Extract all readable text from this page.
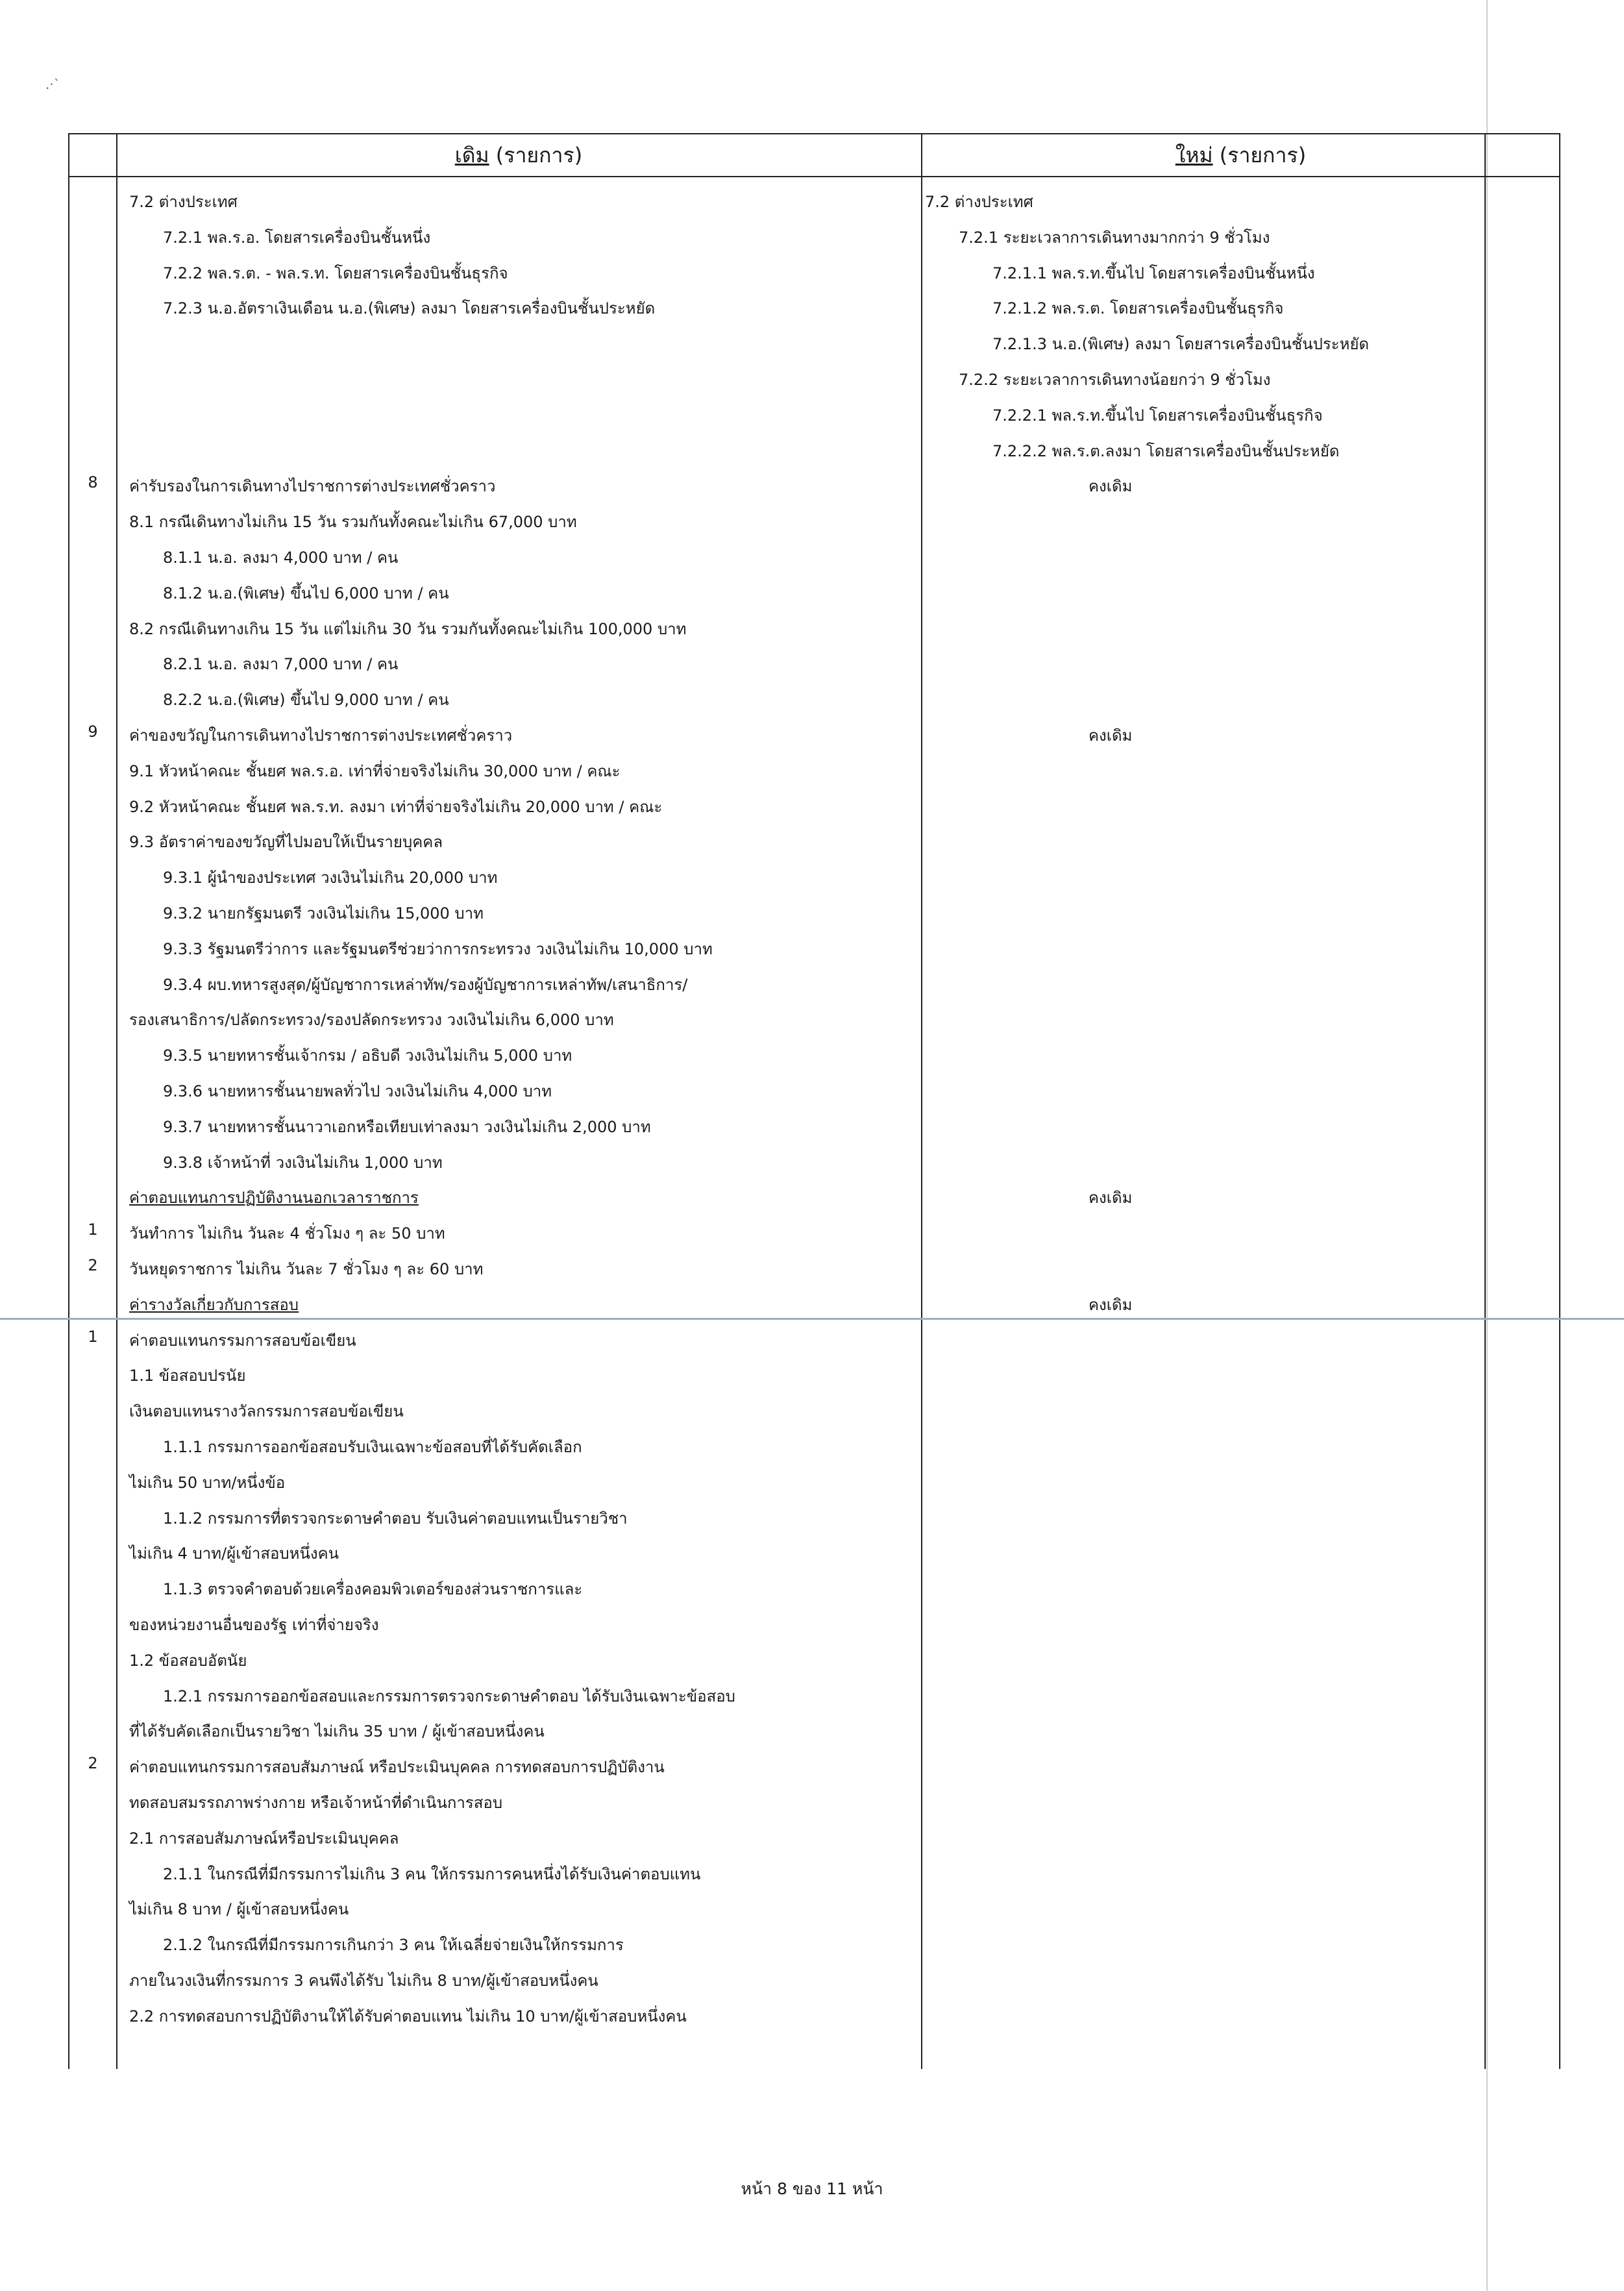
.·`
เดิม (รายการ)	ใหม่ (รายการ)
7.2 ต่างประเทศ	7.2 ต่างประเทศ
7.2.1 พล.ร.อ. โดยสารเครื่องบินชั้นหนึ่ง	7.2.1 ระยะเวลาการเดินทางมากกว่า 9 ชั่วโมง
7.2.2 พล.ร.ต. - พล.ร.ท. โดยสารเครื่องบินชั้นธุรกิจ	7.2.1.1 พล.ร.ท.ขึ้นไป โดยสารเครื่องบินชั้นหนึ่ง
7.2.3 น.อ.อัตราเงินเดือน น.อ.(พิเศษ) ลงมา โดยสารเครื่องบินชั้นประหยัด	7.2.1.2 พล.ร.ต. โดยสารเครื่องบินชั้นธุรกิจ
7.2.1.3 น.อ.(พิเศษ) ลงมา โดยสารเครื่องบินชั้นประหยัด
7.2.2 ระยะเวลาการเดินทางน้อยกว่า 9 ชั่วโมง
7.2.2.1 พล.ร.ท.ขึ้นไป โดยสารเครื่องบินชั้นธุรกิจ
7.2.2.2 พล.ร.ต.ลงมา โดยสารเครื่องบินชั้นประหยัด
8	ค่ารับรองในการเดินทางไปราชการต่างประเทศชั่วคราว	คงเดิม
8.1 กรณีเดินทางไม่เกิน 15 วัน รวมกันทั้งคณะไม่เกิน 67,000 บาท
8.1.1 น.อ. ลงมา 4,000 บาท / คน
8.1.2 น.อ.(พิเศษ) ขึ้นไป 6,000 บาท / คน
8.2 กรณีเดินทางเกิน 15 วัน แต่ไม่เกิน 30 วัน รวมกันทั้งคณะไม่เกิน 100,000 บาท
8.2.1 น.อ. ลงมา 7,000 บาท / คน
8.2.2 น.อ.(พิเศษ) ขึ้นไป 9,000 บาท / คน
9	ค่าของขวัญในการเดินทางไปราชการต่างประเทศชั่วคราว	คงเดิม
9.1 หัวหน้าคณะ ชั้นยศ พล.ร.อ. เท่าที่จ่ายจริงไม่เกิน 30,000 บาท / คณะ
9.2 หัวหน้าคณะ ชั้นยศ พล.ร.ท. ลงมา เท่าที่จ่ายจริงไม่เกิน 20,000 บาท / คณะ
9.3 อัตราค่าของขวัญที่ไปมอบให้เป็นรายบุคคล
9.3.1 ผู้นำของประเทศ วงเงินไม่เกิน 20,000 บาท
9.3.2 นายกรัฐมนตรี วงเงินไม่เกิน 15,000 บาท
9.3.3 รัฐมนตรีว่าการ และรัฐมนตรีช่วยว่าการกระทรวง วงเงินไม่เกิน 10,000 บาท
9.3.4 ผบ.ทหารสูงสุด/ผู้บัญชาการเหล่าทัพ/รองผู้บัญชาการเหล่าทัพ/เสนาธิการ/
รองเสนาธิการ/ปลัดกระทรวง/รองปลัดกระทรวง วงเงินไม่เกิน 6,000 บาท
9.3.5 นายทหารชั้นเจ้ากรม / อธิบดี วงเงินไม่เกิน 5,000 บาท
9.3.6 นายทหารชั้นนายพลทั่วไป วงเงินไม่เกิน 4,000 บาท
9.3.7 นายทหารชั้นนาวาเอกหรือเทียบเท่าลงมา วงเงินไม่เกิน 2,000 บาท
9.3.8 เจ้าหน้าที่ วงเงินไม่เกิน 1,000 บาท
ค่าตอบแทนการปฏิบัติงานนอกเวลาราชการ	คงเดิม
1	วันทำการ ไม่เกิน วันละ 4 ชั่วโมง ๆ ละ 50 บาท
2	วันหยุดราชการ ไม่เกิน วันละ 7 ชั่วโมง ๆ ละ 60 บาท
ค่ารางวัลเกี่ยวกับการสอบ	คงเดิม
1	ค่าตอบแทนกรรมการสอบข้อเขียน
1.1 ข้อสอบปรนัย
เงินตอบแทนรางวัลกรรมการสอบข้อเขียน
1.1.1 กรรมการออกข้อสอบรับเงินเฉพาะข้อสอบที่ได้รับคัดเลือก
ไม่เกิน 50 บาท/หนึ่งข้อ
1.1.2 กรรมการที่ตรวจกระดาษคำตอบ รับเงินค่าตอบแทนเป็นรายวิชา
ไม่เกิน 4 บาท/ผู้เข้าสอบหนึ่งคน
1.1.3 ตรวจคำตอบด้วยเครื่องคอมพิวเตอร์ของส่วนราชการและ
ของหน่วยงานอื่นของรัฐ เท่าที่จ่ายจริง
1.2 ข้อสอบอัตนัย
1.2.1 กรรมการออกข้อสอบและกรรมการตรวจกระดาษคำตอบ ได้รับเงินเฉพาะข้อสอบ
ที่ได้รับคัดเลือกเป็นรายวิชา ไม่เกิน 35 บาท / ผู้เข้าสอบหนึ่งคน
2	ค่าตอบแทนกรรมการสอบสัมภาษณ์ หรือประเมินบุคคล การทดสอบการปฏิบัติงาน
ทดสอบสมรรถภาพร่างกาย หรือเจ้าหน้าที่ดำเนินการสอบ
2.1 การสอบสัมภาษณ์หรือประเมินบุคคล
2.1.1 ในกรณีที่มีกรรมการไม่เกิน 3 คน ให้กรรมการคนหนึ่งได้รับเงินค่าตอบแทน
ไม่เกิน 8 บาท / ผู้เข้าสอบหนึ่งคน
2.1.2 ในกรณีที่มีกรรมการเกินกว่า 3 คน ให้เฉลี่ยจ่ายเงินให้กรรมการ
ภายในวงเงินที่กรรมการ 3 คนพึงได้รับ ไม่เกิน 8 บาท/ผู้เข้าสอบหนึ่งคน
2.2 การทดสอบการปฏิบัติงานให้ได้รับค่าตอบแทน ไม่เกิน 10 บาท/ผู้เข้าสอบหนึ่งคน
หน้า 8 ของ 11 หน้า
